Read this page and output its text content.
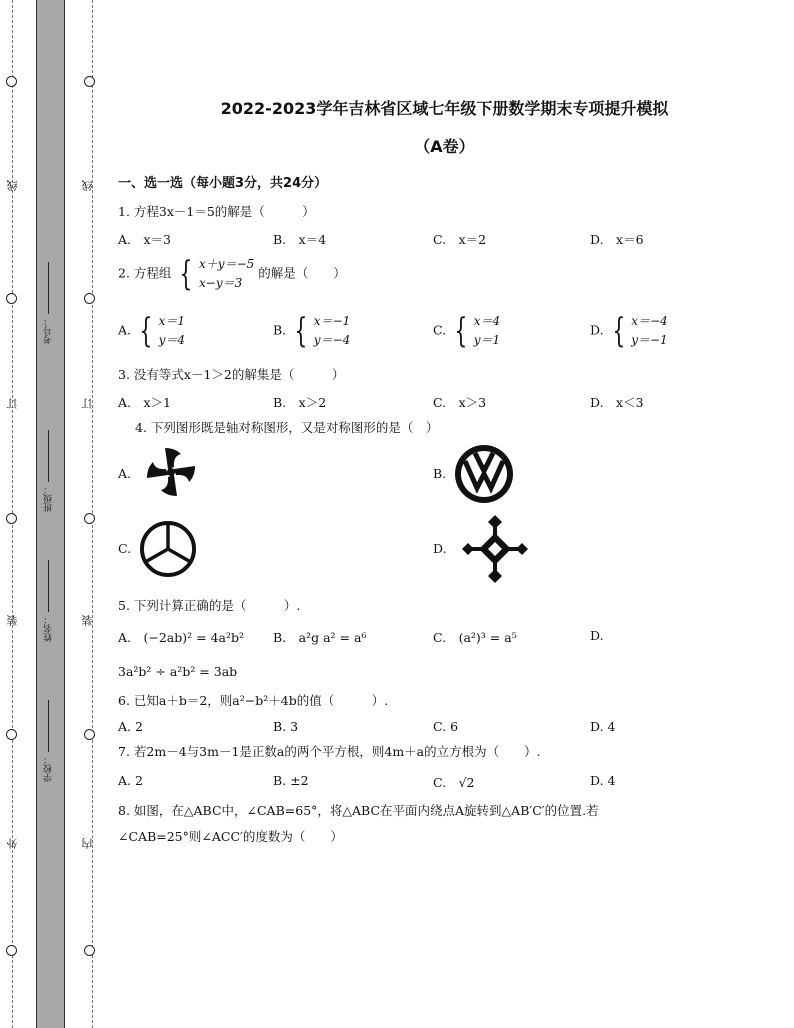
线
订
装
外
线
订
装
内
考号：
班级：
姓名：
学校：
2022-2023学年吉林省区域七年级下册数学期末专项提升模拟
（A卷）
一、选一选（每小题3分，共24分）
1. 方程3x－1＝5的解是（　　　）
A.　x＝3	B.　x＝4	C.　x＝2	D.　x＝6
2. 方程组 { x＋y＝−5
x−y＝3
的解是（　　）
A. { x＝1
y＝4
B. { x＝−1
y＝−4
C. { x＝4
y＝1
D. { x＝−4
y＝−1
3. 没有等式x－1＞2的解集是（　　　）
A.　x＞1	B.　x＞2	C.　x＞3	D.　x＜3
4. 下列图形既是轴对称图形，又是对称图形的是（　）
A.	B.
C.	D.
5. 下列计算正确的是（　　　）.
A.　(−2ab)² = 4a²b² B.　a²g a² = a⁶	C.　(a²)³ = a⁵	D.
3a²b² ÷ a²b² = 3ab
6. 已知a＋b＝2，则a²−b²＋4b的值（　　　）.
A. 2	B. 3	C. 6	D. 4
7. 若2m－4与3m－1是正数a的两个平方根，则4m＋a的立方根为（　　）.
A. 2	B. ±2	C.　√2	D. 4
8. 如图，在△ABC中，∠CAB=65°，将△ABC在平面内绕点A旋转到△AB′C′的位置.若
∠CAB=25°则∠ACC′的度数为（　　）
